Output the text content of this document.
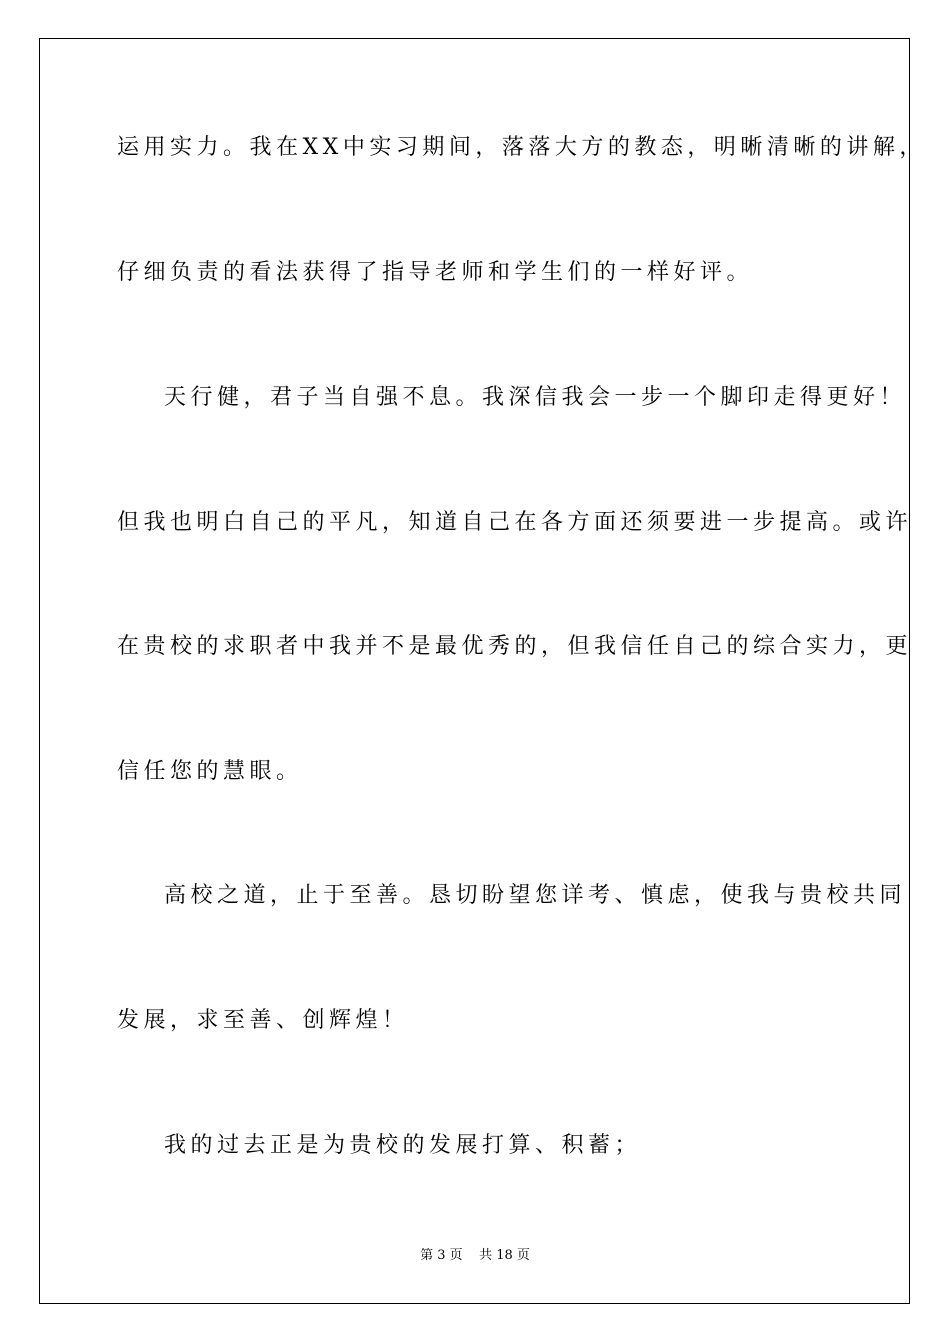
运用实力。我在XX中实习期间，落落大方的教态，明晰清晰的讲解，
仔细负责的看法获得了指导老师和学生们的一样好评。
天行健，君子当自强不息。我深信我会一步一个脚印走得更好！
但我也明白自己的平凡，知道自己在各方面还须要进一步提高。或许
在贵校的求职者中我并不是最优秀的，但我信任自己的综合实力，更
信任您的慧眼。
高校之道，止于至善。恳切盼望您详考、慎虑，使我与贵校共同
发展，求至善、创辉煌！
我的过去正是为贵校的发展打算、积蓄；
第 3 页    共 18 页
